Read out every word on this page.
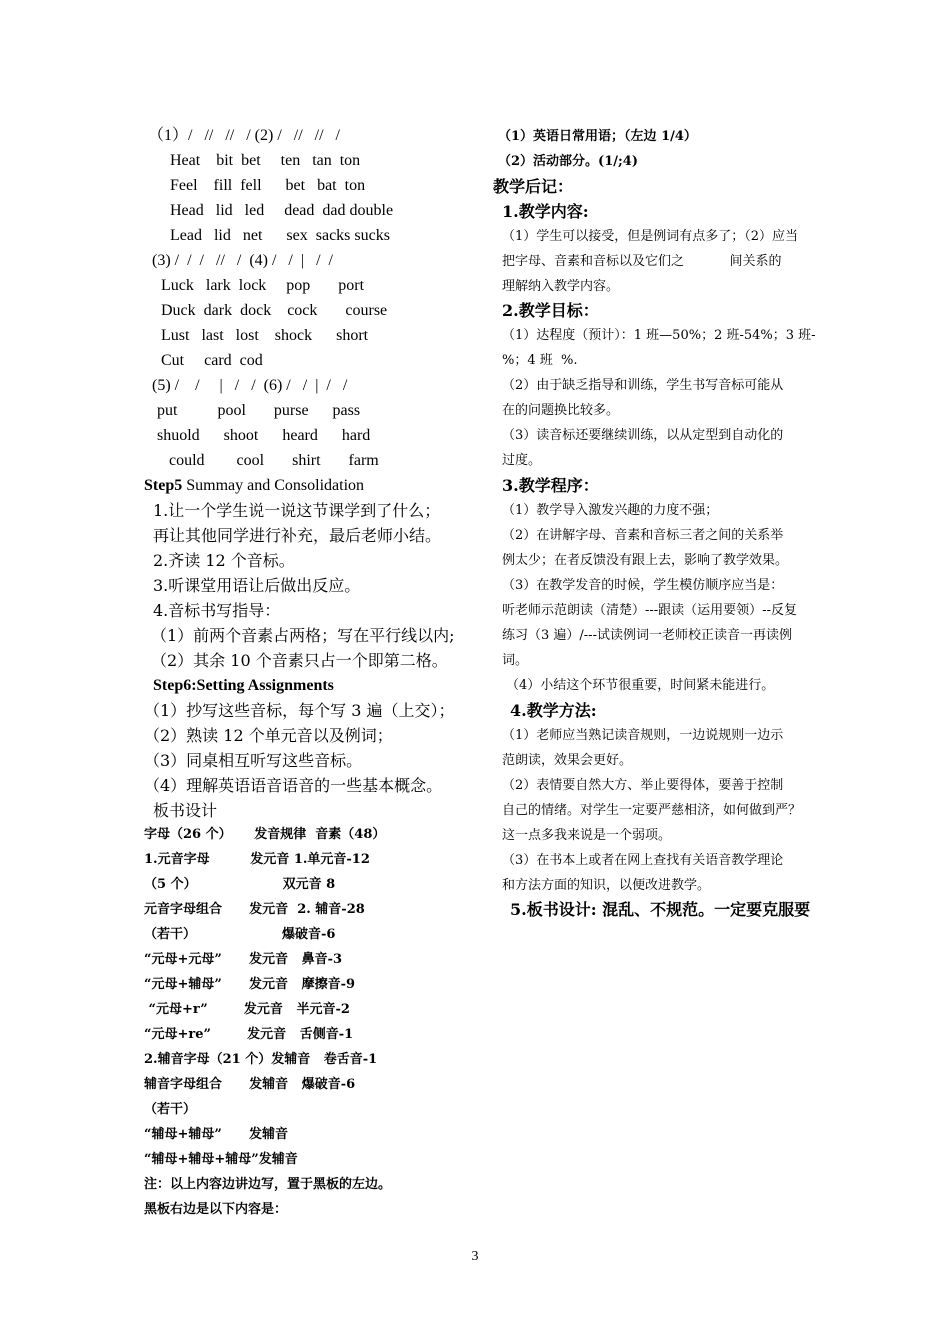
（1）/   //   //   / (2) /   //   //   /
Heat    bit  bet     ten   tan  ton
Feel    fill  fell      bet   bat  ton
Head   lid   led     dead  dad double
Lead   lid   net      sex  sacks sucks
(3) /  /  /   //   /  (4) /   /  |   /  /
Luck   lark  lock     pop       port
Duck  dark  dock    cock       course
Lust   last   lost    shock      short
Cut     card  cod
(5) /    /     |   /   /  (6) /   /  |  /   /
put          pool       purse      pass
shuold      shoot      heard      hard
could        cool       shirt       farm
Step5 Summay and Consolidation
1.让一个学生说一说这节课学到了什么；
再让其他同学进行补充，最后老师小结。
2.齐读 12 个音标。
3.听课堂用语让后做出反应。
4.音标书写指导：
（1）前两个音素占两格；写在平行线以内;
（2）其余 10 个音素只占一个即第二格。
Step6:Setting Assignments
（1）抄写这些音标，每个写 3 遍（上交）；
（2）熟读 12 个单元音以及例词；
（3）同桌相互听写这些音标。
（4）理解英语语音语音的一些基本概念。
板书设计
字母（26 个）     发音规律  音素（48）
1.元音字母         发元音 1.单元音-12
（5 个）                   双元音 8
元音字母组合      发元音  2. 辅音-28
（若干）                   爆破音-6
“元母+元母”      发元音   鼻音-3
“元母+辅母”      发元音   摩擦音-9
“元母+r”        发元音   半元音-2
“元母+re”        发元音   舌侧音-1
2.辅音字母（21 个）发辅音   卷舌音-1
辅音字母组合      发辅音   爆破音-6
（若干）
“辅母+辅母”      发辅音
“辅母+辅母+辅母”发辅音
注：以上内容边讲边写，置于黑板的左边。
黑板右边是以下内容是：
（1）英语日常用语；（左边 1/4）
（2）活动部分。(1/;4)
教学后记：
1.教学内容:
（1）学生可以接受，但是例词有点多了；（2）应当
把字母、音素和音标以及它们之           间关系的
理解纳入教学内容。
2.教学目标：
（1）达程度（预计）：1 班—50%；2 班-54%；3 班-
%；4 班  %.
（2）由于缺乏指导和训练，学生书写音标可能从
在的问题换比较多。
（3）读音标还要继续训练，以从定型到自动化的
过度。
3.教学程序：
（1）教学导入激发兴趣的力度不强；
（2）在讲解字母、音素和音标三者之间的关系举
例太少；在者反馈没有跟上去，影响了教学效果。
（3）在教学发音的时候，学生模仿顺序应当是：
听老师示范朗读（清楚）---跟读（运用要领）--反复
练习（3 遍）/---试读例词一老师校正读音一再读例
词。
（4）小结这个环节很重要，时间紧未能进行。
4.教学方法:
（1）老师应当熟记读音规则，一边说规则一边示
范朗读，效果会更好。
（2）表情要自然大方、举止要得体，要善于控制
自己的情绪。对学生一定要严慈相济，如何做到严？
这一点多我来说是一个弱项。
（3）在书本上或者在网上查找有关语音教学理论
和方法方面的知识，以便改进教学。
5.板书设计: 混乱、不规范。一定要克服要
3
